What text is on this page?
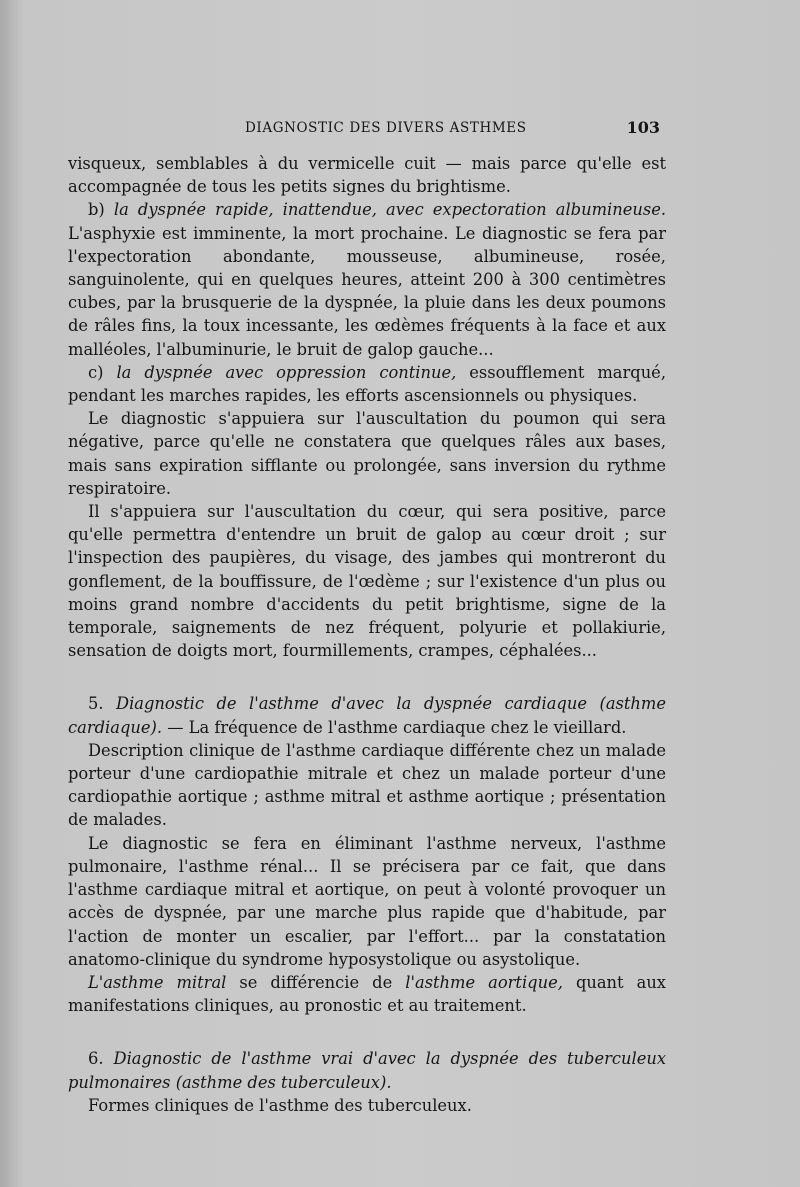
DIAGNOSTIC DES DIVERS ASTHMES	103

visqueux, semblables à du vermicelle cuit — mais parce qu'elle est accompagnée de tous les petits signes du brightisme.

b) la dyspnée rapide, inattendue, avec expectoration albumineuse. L'asphyxie est imminente, la mort prochaine. Le diagnostic se fera par l'expectoration abondante, mousseuse, albumineuse, rosée, sanguinolente, qui en quelques heures, atteint 200 à 300 centimètres cubes, par la brusquerie de la dyspnée, la pluie dans les deux poumons de râles fins, la toux incessante, les œdèmes fréquents à la face et aux malléoles, l'albuminurie, le bruit de galop gauche...

c) la dyspnée avec oppression continue, essoufflement marqué, pendant les marches rapides, les efforts ascensionnels ou physiques.

Le diagnostic s'appuiera sur l'auscultation du poumon qui sera négative, parce qu'elle ne constatera que quelques râles aux bases, mais sans expiration sifflante ou prolongée, sans inversion du rythme respiratoire.

Il s'appuiera sur l'auscultation du cœur, qui sera positive, parce qu'elle permettra d'entendre un bruit de galop au cœur droit ; sur l'inspection des paupières, du visage, des jambes qui montreront du gonflement, de la bouffissure, de l'œdème ; sur l'existence d'un plus ou moins grand nombre d'accidents du petit brightisme, signe de la temporale, saignements de nez fréquent, polyurie et pollakiurie, sensation de doigts mort, fourmillements, crampes, céphalées...

5. Diagnostic de l'asthme d'avec la dyspnée cardiaque (asthme cardiaque). — La fréquence de l'asthme cardiaque chez le vieillard.

Description clinique de l'asthme cardiaque différente chez un malade porteur d'une cardiopathie mitrale et chez un malade porteur d'une cardiopathie aortique ; asthme mitral et asthme aortique ; présentation de malades.

Le diagnostic se fera en éliminant l'asthme nerveux, l'asthme pulmonaire, l'asthme rénal... Il se précisera par ce fait, que dans l'asthme cardiaque mitral et aortique, on peut à volonté provoquer un accès de dyspnée, par une marche plus rapide que d'habitude, par l'action de monter un escalier, par l'effort... par la constatation anatomo-clinique du syndrome hyposystolique ou asystolique.

L'asthme mitral se différencie de l'asthme aortique, quant aux manifestations cliniques, au pronostic et au traitement.

6. Diagnostic de l'asthme vrai d'avec la dyspnée des tuberculeux pulmonaires (asthme des tuberculeux).

Formes cliniques de l'asthme des tuberculeux.
